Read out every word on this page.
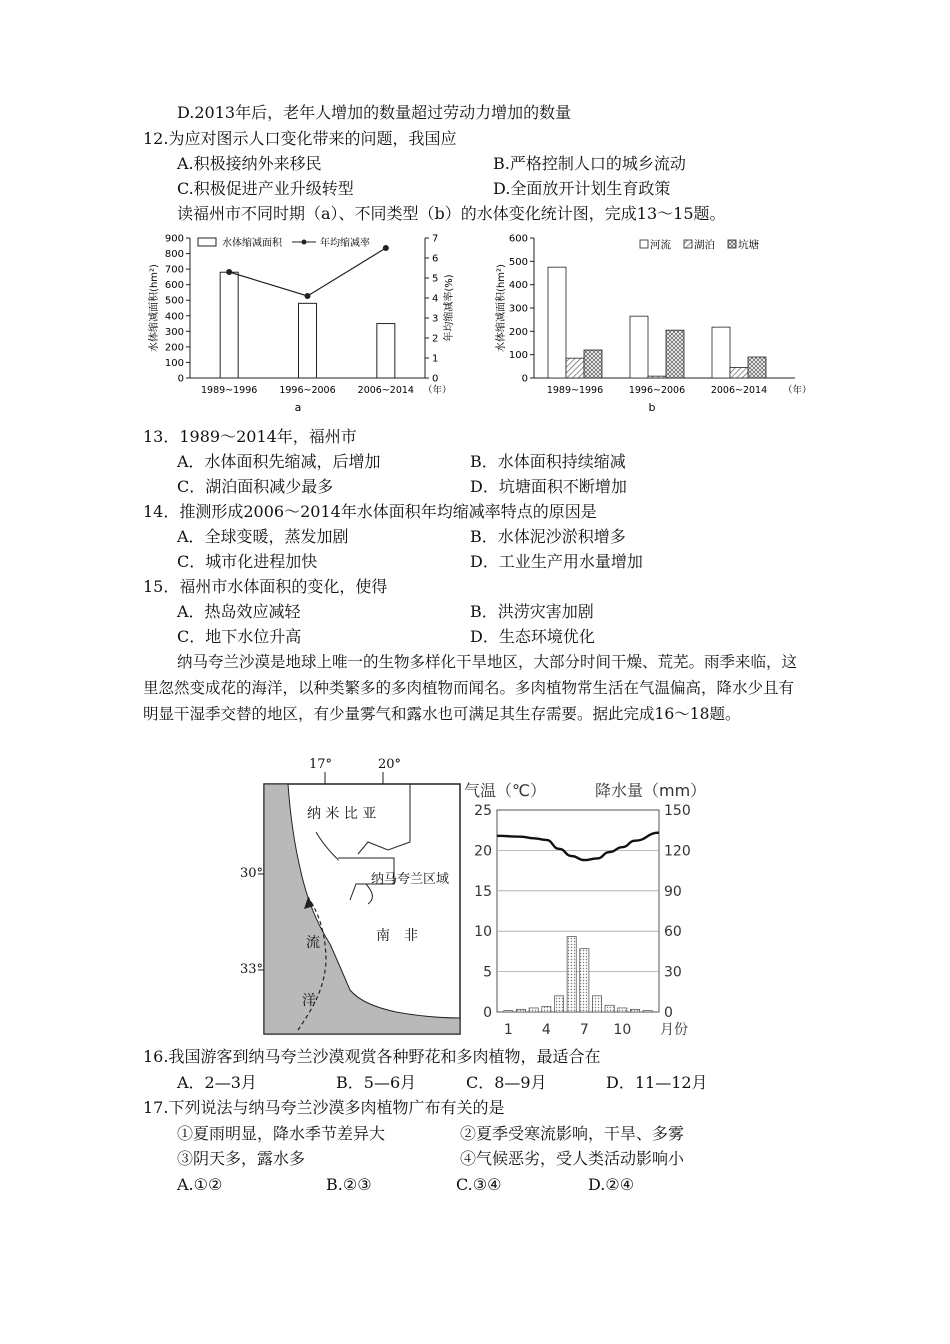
D.2013年后，老年人增加的数量超过劳动力增加的数量
12.为应对图示人口变化带来的问题，我国应
A.积极接纳外来移民	B.严格控制人口的城乡流动
C.积极促进产业升级转型	D.全面放开计划生育政策
读福州市不同时期（a）、不同类型（b）的水体变化统计图，完成13～15题。
0
100
200
300
400
500
600
700
800
900
0
1
2
3
4
5
6
7
1989~1996 1996~2006 2006~2014 （年）
a
水体缩减面积(hm²)	年均缩减率(%)
水体缩减面积	年均缩减率
0
100
200
300
400
500
600
1989~1996	1996~2006	2006~2014 （年）
b
水体缩减面积(hm²)
河流 湖泊 坑塘
13．1989～2014年，福州市
A．水体面积先缩减，后增加	B．水体面积持续缩减
C．湖泊面积减少最多	D．坑塘面积不断增加
14．推测形成2006～2014年水体面积年均缩减率特点的原因是
A．全球变暖，蒸发加剧	B．水体泥沙淤积增多
C．城市化进程加快	D．工业生产用水量增加
15．福州市水体面积的变化，使得
A．热岛效应减轻	B．洪涝灾害加剧
C．地下水位升高	D．生态环境优化
纳马夸兰沙漠是地球上唯一的生物多样化干旱地区，大部分时间干燥、荒芜。雨季来临，这里忽然变成花的海洋，以种类繁多的多肉植物而闻名。多肉植物常生活在气温偏高，降水少且有明显干湿季交替的地区，有少量雾气和露水也可满足其生存需要。据此完成16～18题。
17°	20°
30°
33°
纳 米 比 亚
纳马夸兰区域
南　非
流
洋
0
5
10
15
20
25
0
30
60
90
120
150
1 4 7 10 月份
气温（℃）	降水量（mm）
16.我国游客到纳马夸兰沙漠观赏各种野花和多肉植物，最适合在
A．2—3月	B．5—6月	C．8—9月	D．11—12月
17.下列说法与纳马夸兰沙漠多肉植物广布有关的是
①夏雨明显，降水季节差异大	②夏季受寒流影响，干旱、多雾
③阴天多，露水多	④气候恶劣，受人类活动影响小
A.①②	B.②③	C.③④	D.②④
